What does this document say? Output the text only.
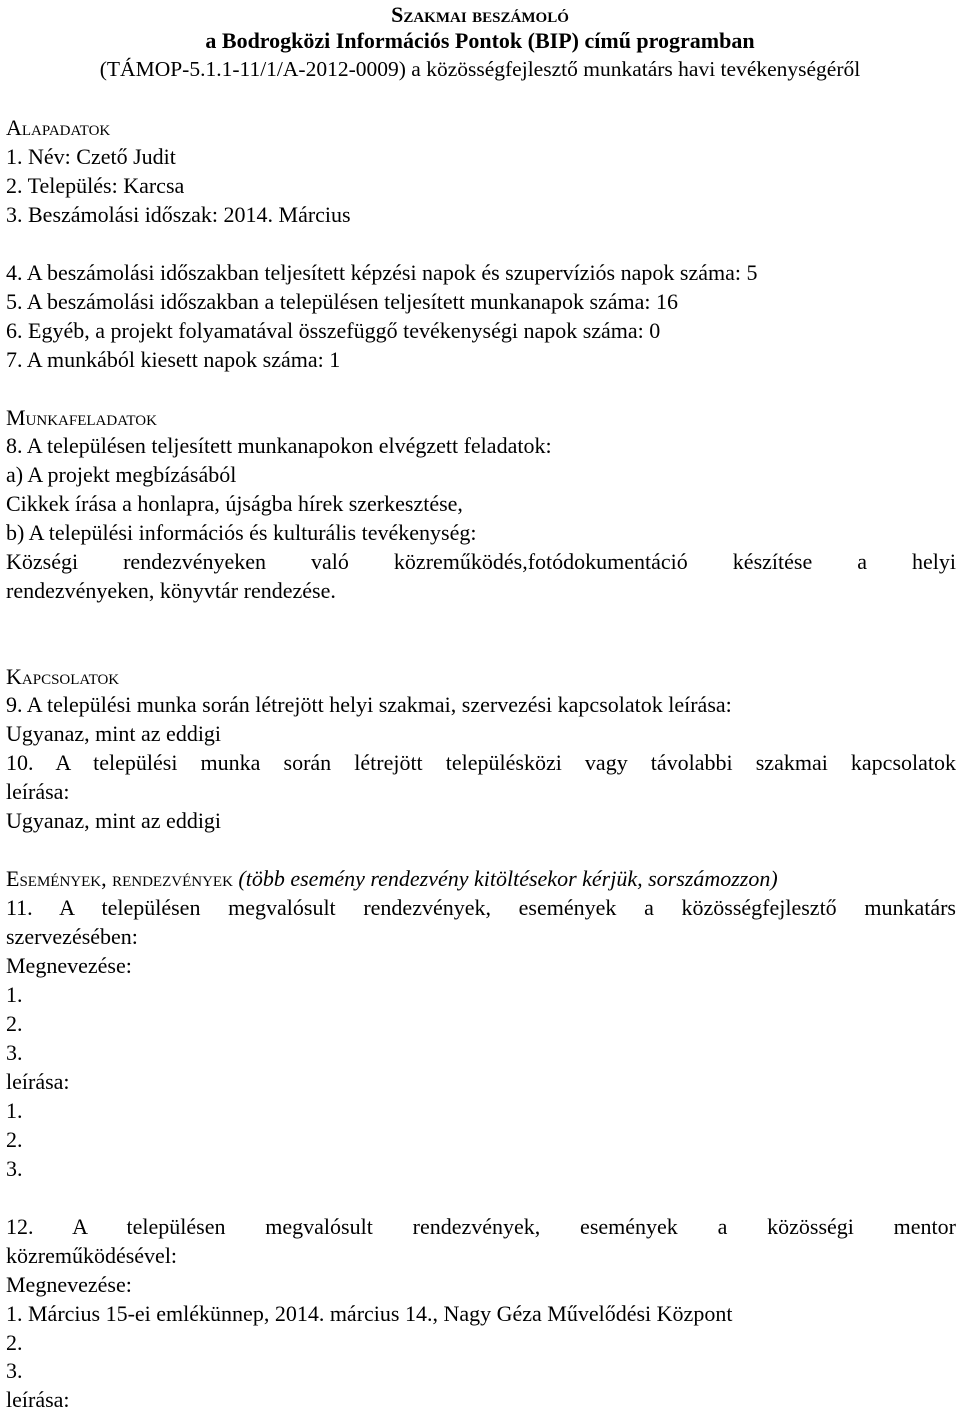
Szakmai beszámoló
a Bodrogközi Információs Pontok (BIP) című programban
(TÁMOP-5.1.1-11/1/A-2012-0009) a közösségfejlesztő munkatárs havi tevékenységéről
Alapadatok
1. Név: Czető Judit
2. Település: Karcsa
3. Beszámolási időszak: 2014. Március
4. A beszámolási időszakban teljesített képzési napok és szupervíziós napok száma: 5
5. A beszámolási időszakban a településen teljesített munkanapok száma: 16
6. Egyéb, a projekt folyamatával összefüggő tevékenységi napok száma: 0
7. A munkából kiesett napok száma: 1
Munkafeladatok
8. A településen teljesített munkanapokon elvégzett feladatok:
a) A projekt megbízásából
Cikkek írása a honlapra, újságba hírek szerkesztése,
b) A települési információs és kulturális tevékenység:
Községi rendezvényeken való közreműködés,fotódokumentáció készítése a helyi
rendezvényeken, könyvtár rendezése.
Kapcsolatok
9. A települési munka során létrejött helyi szakmai, szervezési kapcsolatok leírása:
Ugyanaz, mint az eddigi
10. A települési munka során létrejött településközi vagy távolabbi szakmai kapcsolatok
leírása:
Ugyanaz, mint az eddigi
Események, rendezvények (több esemény rendezvény kitöltésekor kérjük, sorszámozzon)
11. A településen megvalósult rendezvények, események a közösségfejlesztő munkatárs
szervezésében:
Megnevezése:
1.
2.
3.
leírása:
1.
2.
3.
12. A településen megvalósult rendezvények, események a közösségi mentor
közreműködésével:
Megnevezése:
1. Március 15-ei emlékünnep, 2014. március 14., Nagy Géza Művelődési Központ
2.
3.
leírása:
